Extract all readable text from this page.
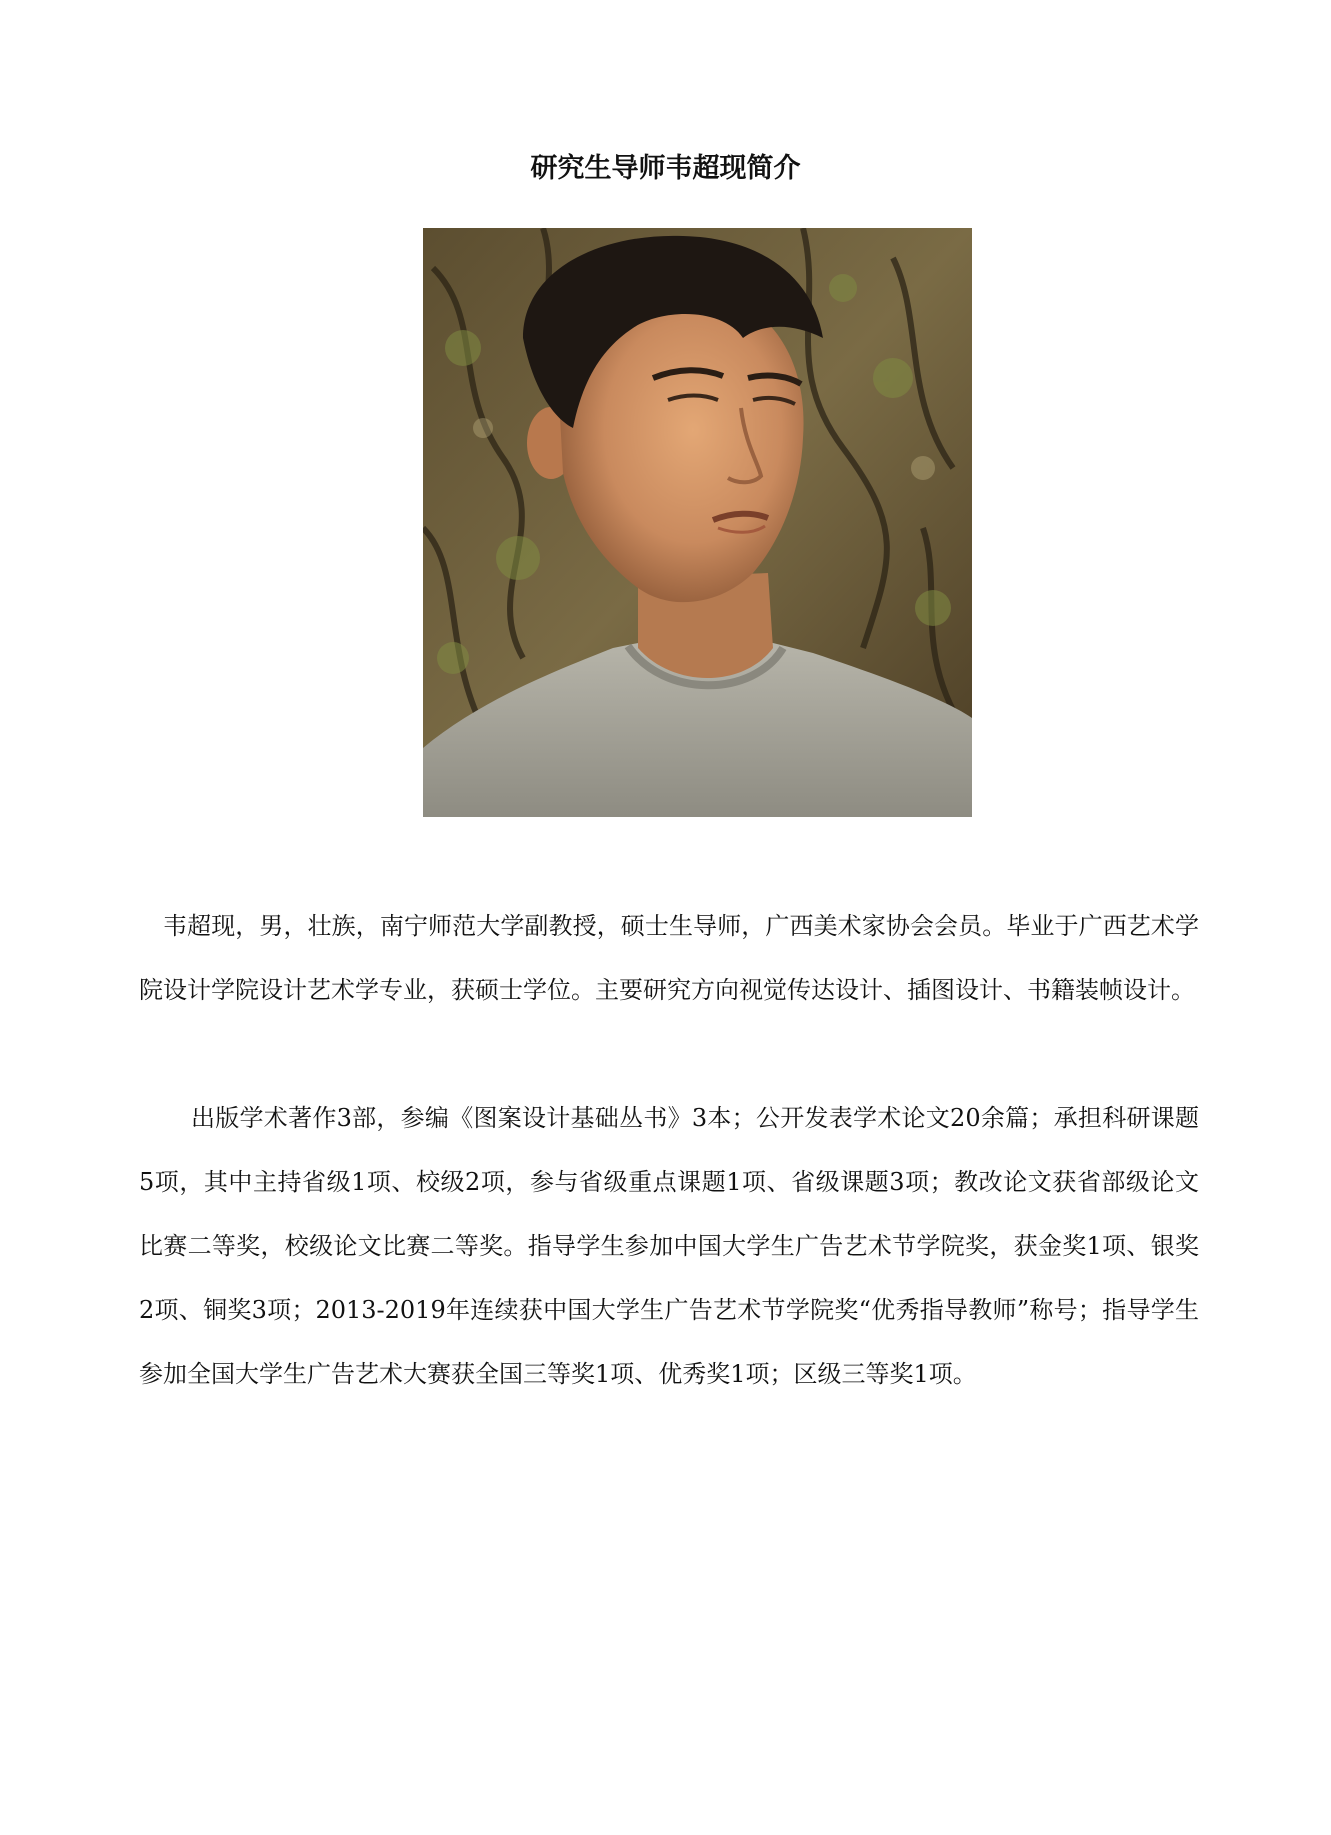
研究生导师韦超现简介

韦超现，男，壮族，南宁师范大学副教授，硕士生导师，广西美术家协会会员。毕业于广西艺术学院设计学院设计艺术学专业，获硕士学位。主要研究方向视觉传达设计、插图设计、书籍装帧设计。

出版学术著作3部，参编《图案设计基础丛书》3本；公开发表学术论文20余篇；承担科研课题5项，其中主持省级1项、校级2项，参与省级重点课题1项、省级课题3项；教改论文获省部级论文比赛二等奖，校级论文比赛二等奖。指导学生参加中国大学生广告艺术节学院奖，获金奖1项、银奖2项、铜奖3项；2013-2019年连续获中国大学生广告艺术节学院奖“优秀指导教师”称号；指导学生参加全国大学生广告艺术大赛获全国三等奖1项、优秀奖1项；区级三等奖1项。
